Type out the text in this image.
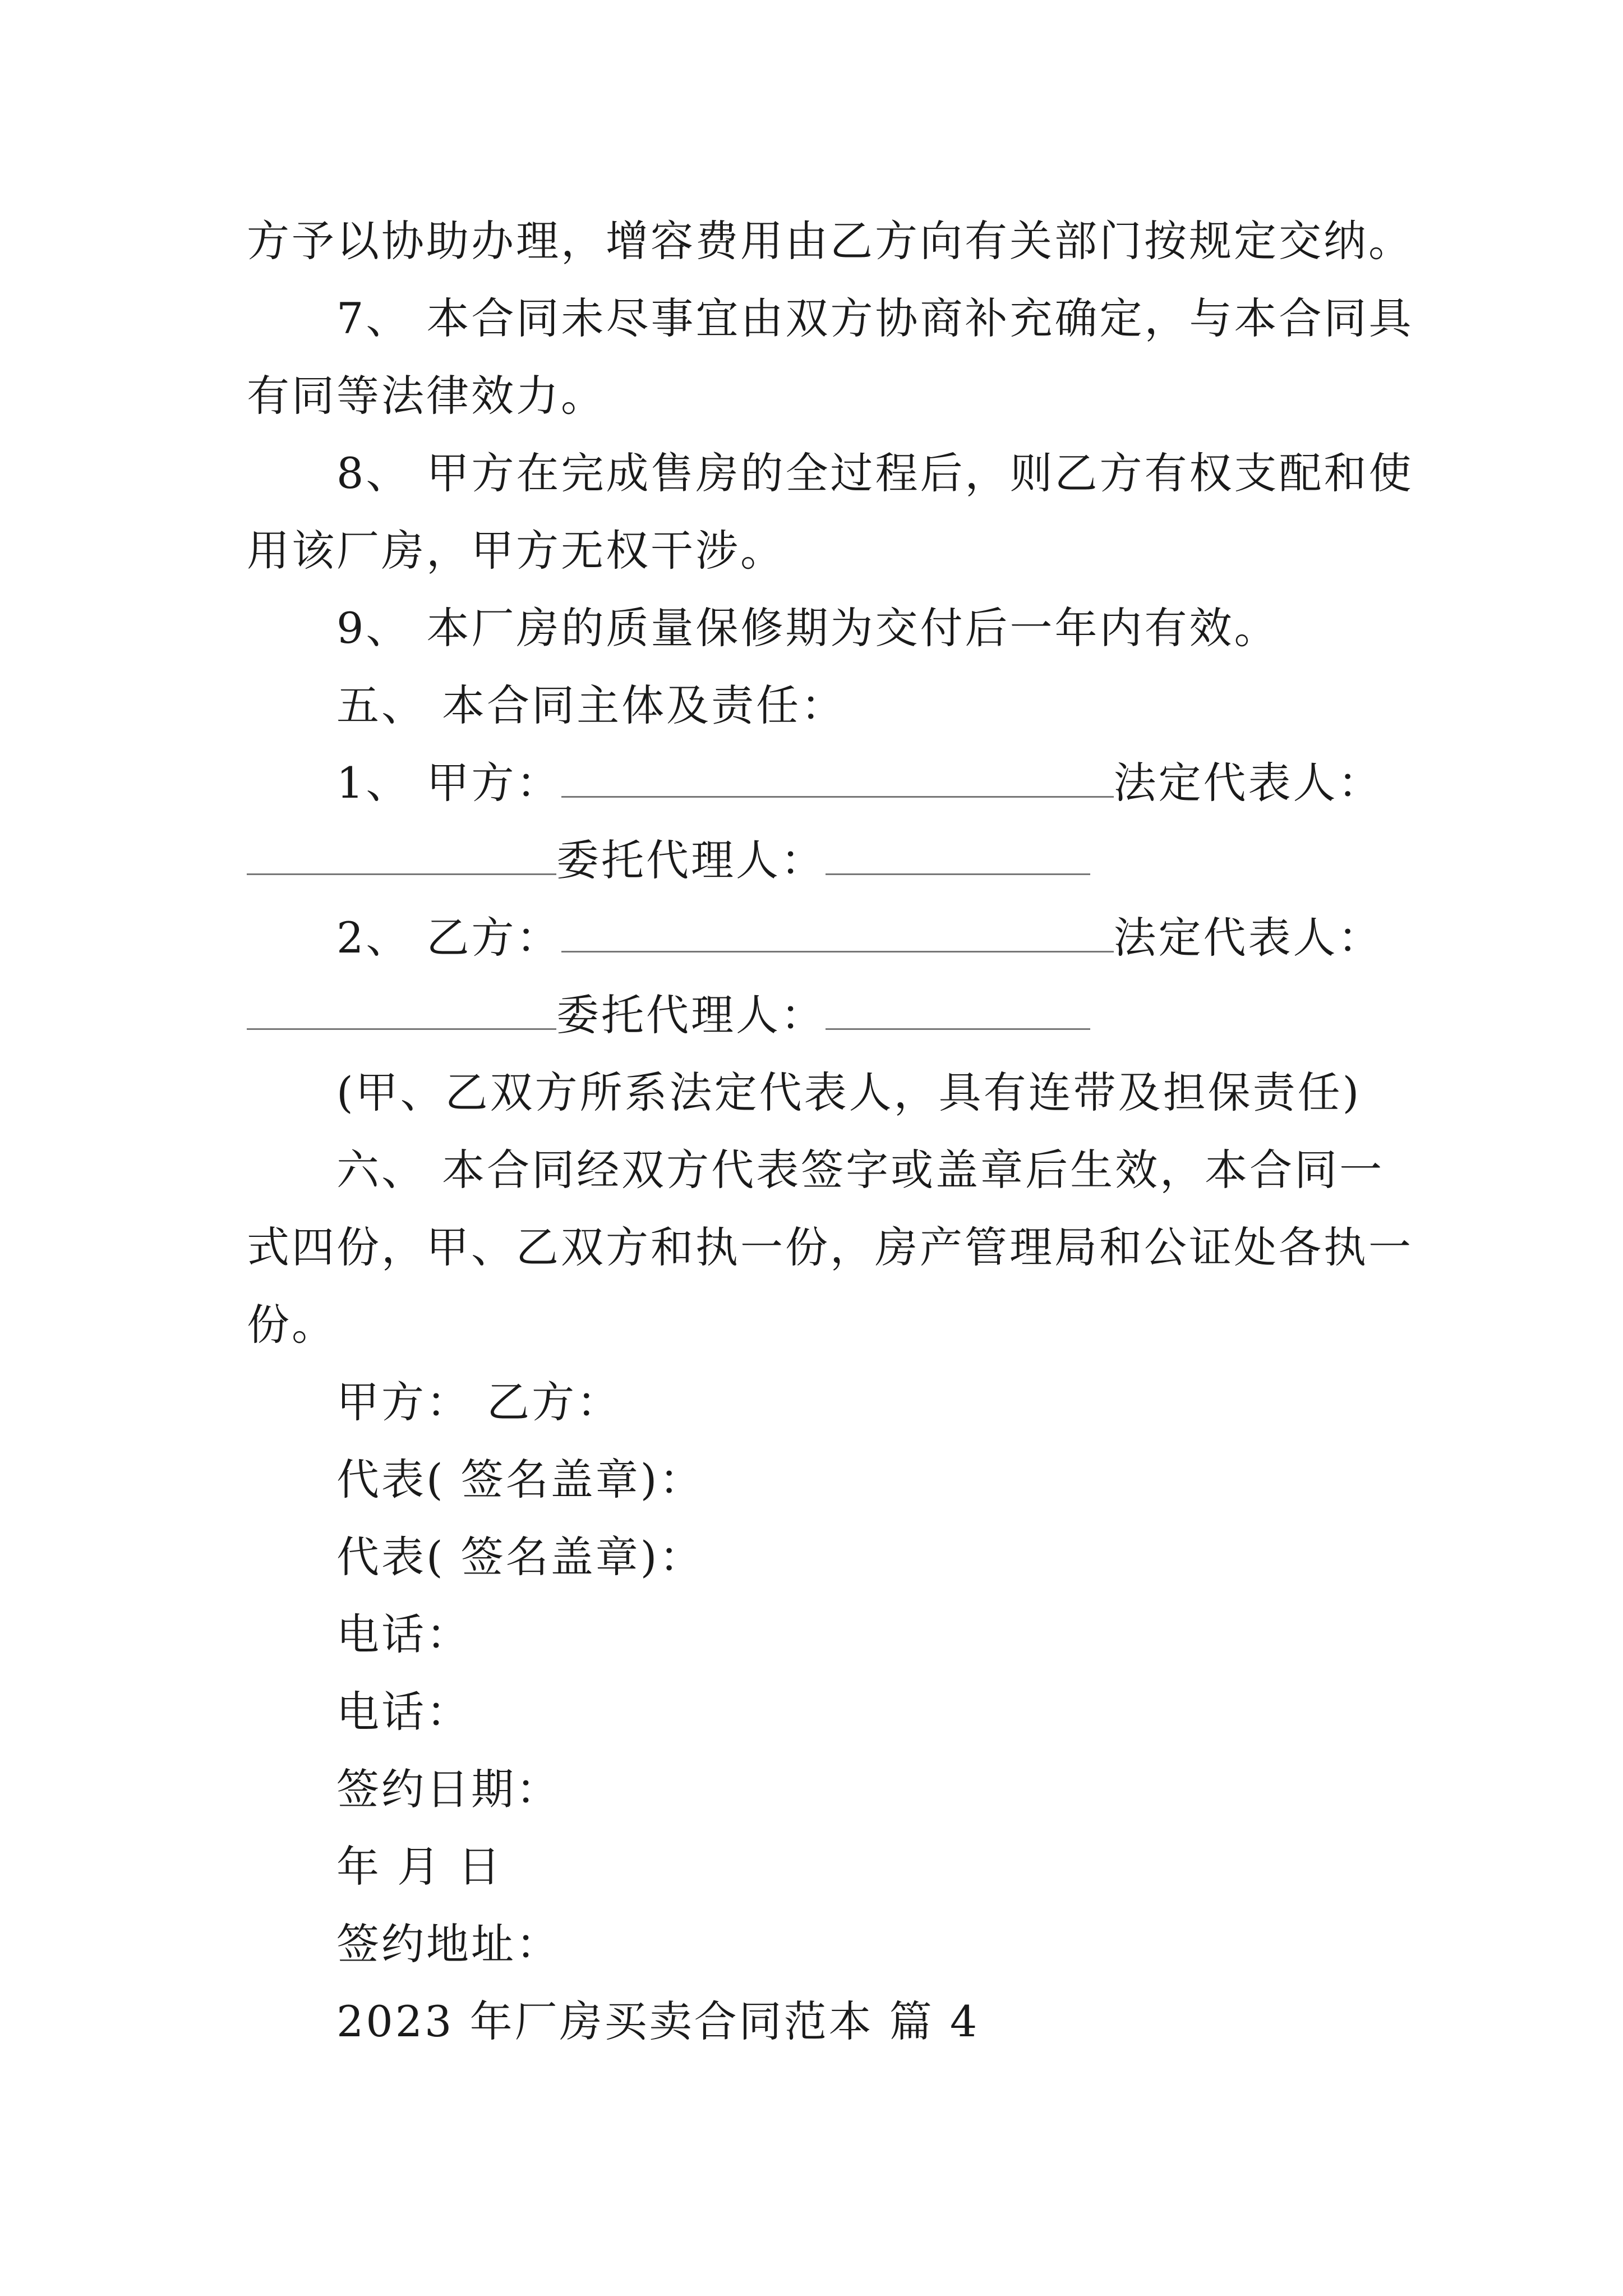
方予以协助办理，增容费用由乙方向有关部门按规定交纳。
7、 本合同未尽事宜由双方协商补充确定，与本合同具
有同等法律效力。
8、 甲方在完成售房的全过程后，则乙方有权支配和使
用该厂房，甲方无权干涉。
9、 本厂房的质量保修期为交付后一年内有效。
五、 本合同主体及责任：
1、 甲方：	法定代表人：
委托代理人：
2、 乙方：	法定代表人：
委托代理人：
(甲、乙双方所系法定代表人，具有连带及担保责任)
六、 本合同经双方代表签字或盖章后生效，本合同一
式四份，甲、乙双方和执一份，房产管理局和公证处各执一
份。
甲方： 乙方：
代表( 签名盖章)：
代表( 签名盖章)：
电话：
电话：
签约日期：
年 月 日
签约地址：
2023 年厂房买卖合同范本 篇 4
